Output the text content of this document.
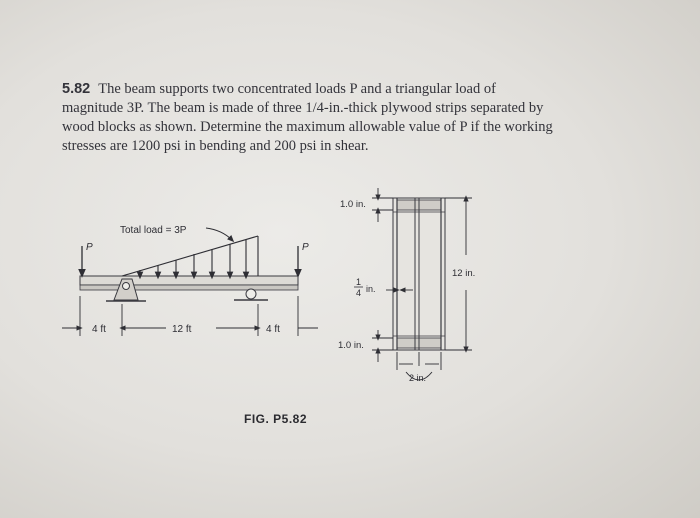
5.82 The beam supports two concentrated loads P and a triangular load of
magnitude 3P. The beam is made of three 1/4-in.-thick plywood strips separated by
wood blocks as shown. Determine the maximum allowable value of P if the working
stresses are 1200 psi in bending and 200 psi in shear.
Total load = 3P
P	P
4 ft	12 ft	4 ft
1.0 in.
1
4 in.
1.0 in.
12 in.
2 in.
FIG. P5.82
